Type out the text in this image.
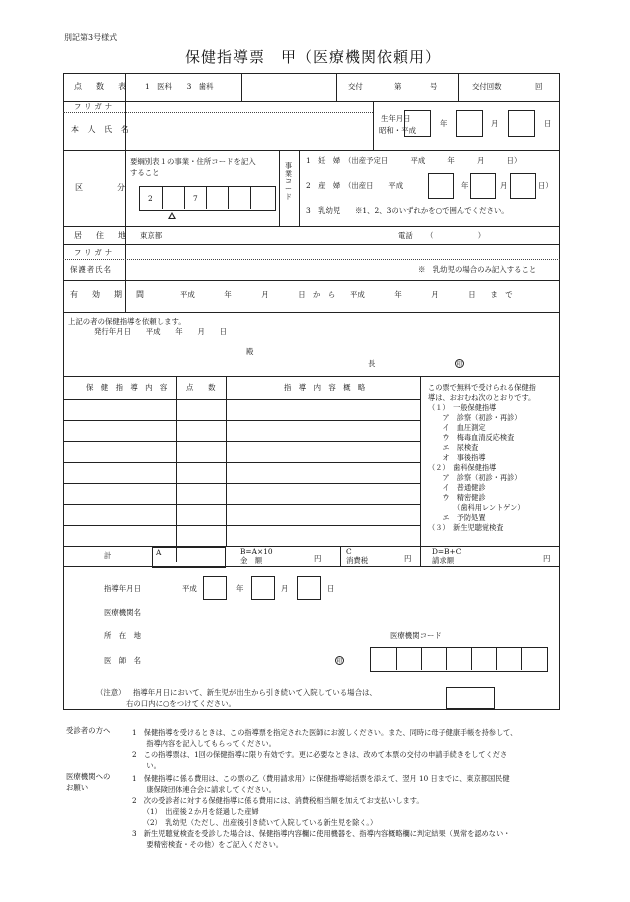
別記第3号様式
保健指導票　甲（医療機関依頼用）
点　数　表 1　医科　　3　歯科	交付	第	号	交付回数	回
フリガナ
本 人 氏 名
生年月日
昭和・平成
年	月	日
区　　分
要綱別表１の事業・住所コードを記入
すること
2	7
事業コード
1　妊　婦　（出産予定日　　　平成　　　年　　　月　　　日）
2　産　婦　（出産日　　平成	年	月	日）
3　乳幼児　　※1、2、3のいずれかを○で囲んでください。
居　住　地 東京都	電話 （　　　　　　）
フリガナ
保護者氏名	※　乳幼児の場合のみ記入すること
有　効　期　間	平成　　　　年　　　　月　　　　日　か　ら　　平成　　　　年　　　　月　　　　日　　ま　で
上記の者の保健指導を依頼します。
発行年月日　　平成　　年　　月　　日
殿
長	印
保　健　指　導　内　容	点　　数	指　導　内　容　概　略	この票で無料で受けられる保健指
導は、おおむね次のとおりです。
（１）　一般保健指導
　　ア　診察（初診・再診）
　　イ　血圧測定
　　ウ　梅毒血清反応検査
　　エ　尿検査
　　オ　事後指導
（２）　歯科保健指導
　　ア　診察（初診・再診）
　　イ　普通健診
　　ウ　精密健診
　　　　（歯科用レントゲン）
　　エ　予防処置
（３）　新生児聴覚検査
計	A	B=A×10
金　額	円
C
消費税	円
D=B+C
請求額	円
指導年月日	平成	年	月	日
医療機関名
所　在　地	医療機関コード
医　師　名	印
（注意） 指導年月日において、新生児が出生から引き続いて入院している場合は、
右の口内に○をつけてください。
受診者の方へ	1　保健指導を受けるときは、この指導票を指定された医師にお渡しください。また、同時に母子健康手帳を持参して、
　　指導内容を記入してもらってください。
2　この指導票は、1回の保健指導に限り有効です。更に必要なときは、改めて本票の交付の申請手続きをしてくださ
　　い。
医療機関への
お願い
1　保健指導に係る費用は、この票の乙（費用請求用）に保健指導総括票を添えて、翌月 10 日までに、東京都国民健
　　康保険団体連合会に請求してください。
2　次の受診者に対する保健指導に係る費用には、消費税相当額を加えてお支払いします。
　　（1）　出産後２か月を経過した産婦
　　（2）　乳幼児（ただし、出産後引き続いて入院している新生児を除く。）
3　新生児聴覚検査を受診した場合は、保健指導内容欄に使用機器を、指導内容概略欄に判定結果（異常を認めない・
　　要精密検査・その他）をご記入ください。
